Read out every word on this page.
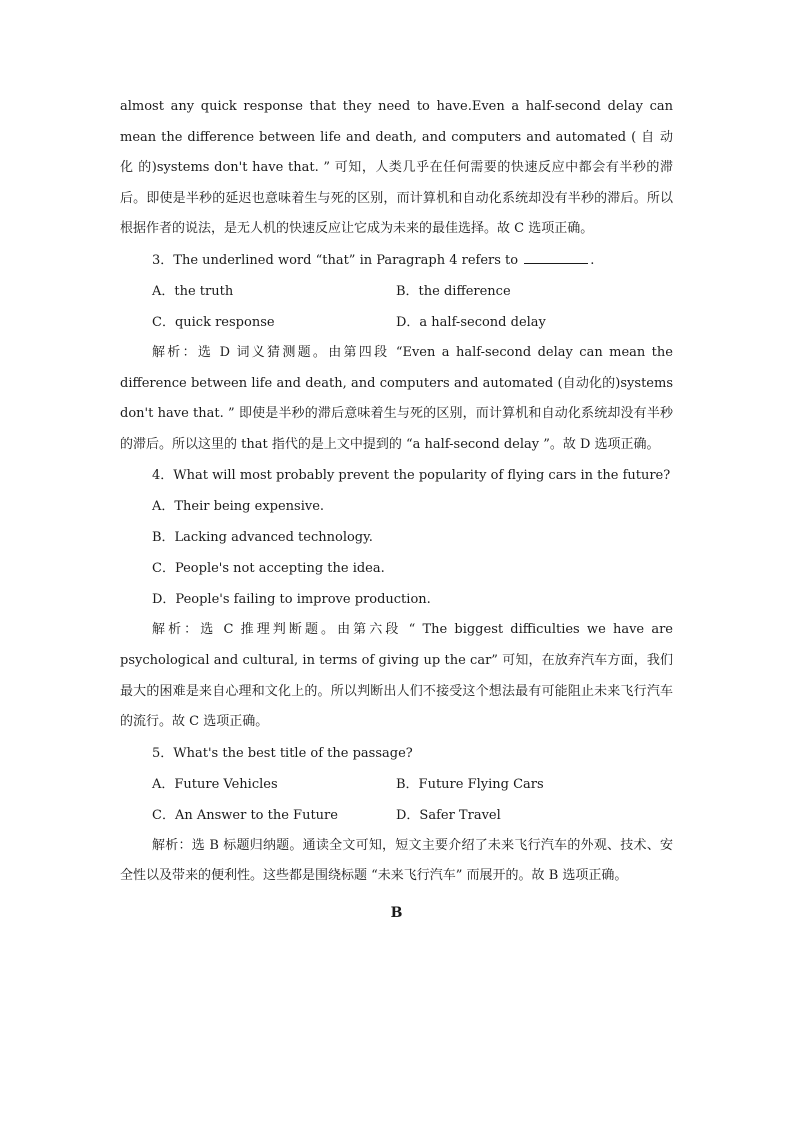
almost any quick response that they need to have.Even a half-second delay can mean the difference between life and death, and computers and automated ( 自 动 化 的)systems don't have that. ” 可知，人类几乎在任何需要的快速反应中都会有半秒的滞后。即使是半秒的延迟也意味着生与死的区别，而计算机和自动化系统却没有半秒的滞后。所以根据作者的说法，是无人机的快速反应让它成为未来的最佳选择。故 C 选项正确。

3．The underlined word “that” in Paragraph 4 refers to	.

A．the truth	B．the difference
C．quick response	D．a half-second delay

解析：选 D 词义猜测题。由第四段 “Even a half-second delay can mean the difference between life and death, and computers and automated (自动化的)systems don't have that. ” 即使是半秒的滞后意味着生与死的区别，而计算机和自动化系统却没有半秒的滞后。所以这里的 that 指代的是上文中提到的 “a half-second delay ”。故 D 选项正确。

4．What will most probably prevent the popularity of flying cars in the future?

A．Their being expensive.

B．Lacking advanced technology.

C．People's not accepting the idea.

D．People's failing to improve production.

解析：选 C 推理判断题。由第六段 “ The biggest difficulties we have are psychological and cultural, in terms of giving up the car” 可知，在放弃汽车方面，我们最大的困难是来自心理和文化上的。所以判断出人们不接受这个想法最有可能阻止未来飞行汽车的流行。故 C 选项正确。

5．What's the best title of the passage?

A．Future Vehicles	B．Future Flying Cars
C．An Answer to the Future	D．Safer Travel

解析：选 B 标题归纳题。通读全文可知，短文主要介绍了未来飞行汽车的外观、技术、安全性以及带来的便利性。这些都是围绕标题 “未来飞行汽车” 而展开的。故 B 选项正确。

B
